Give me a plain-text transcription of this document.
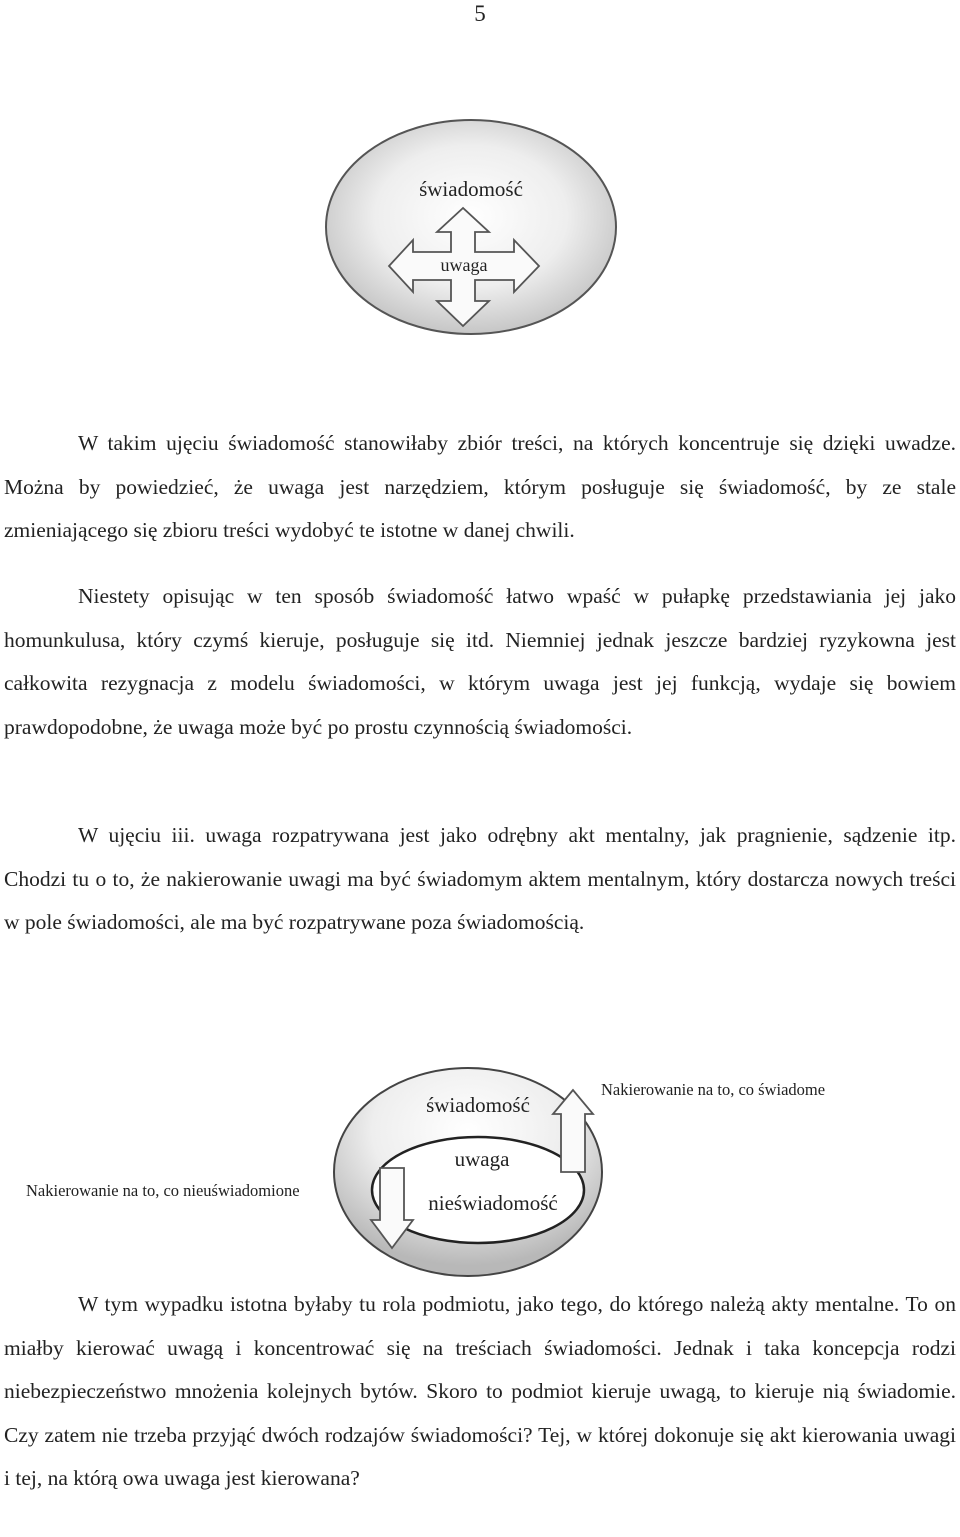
5
świadomość
uwaga

W takim ujęciu świadomość stanowiłaby zbiór treści, na których koncentruje się dzięki uwadze. Można by powiedzieć, że uwaga jest narzędziem, którym posługuje się świadomość, by ze stale zmieniającego się zbioru treści wydobyć te istotne w danej chwili.

Niestety opisując w ten sposób świadomość łatwo wpaść w pułapkę przedstawiania jej jako homunkulusa, który czymś kieruje, posługuje się itd. Niemniej jednak jeszcze bardziej ryzykowna jest całkowita rezygnacja z modelu świadomości, w którym uwaga jest jej funkcją, wydaje się bowiem prawdopodobne, że uwaga może być po prostu czynnością świadomości.

W ujęciu iii. uwaga rozpatrywana jest jako odrębny akt mentalny, jak pragnienie, sądzenie itp. Chodzi tu o to, że nakierowanie uwagi ma być świadomym aktem mentalnym, który dostarcza nowych treści w pole świadomości, ale ma być rozpatrywane poza świadomością.

świadomość
uwaga
nieświadomość
Nakierowanie na to, co świadome
Nakierowanie na to, co nieuświadomione

W tym wypadku istotna byłaby tu rola podmiotu, jako tego, do którego należą akty mentalne. To on miałby kierować uwagą i koncentrować się na treściach świadomości. Jednak i taka koncepcja rodzi niebezpieczeństwo mnożenia kolejnych bytów. Skoro to podmiot kieruje uwagą, to kieruje nią świadomie. Czy zatem nie trzeba przyjąć dwóch rodzajów świadomości? Tej, w której dokonuje się akt kierowania uwagi i tej, na którą owa uwaga jest kierowana?
